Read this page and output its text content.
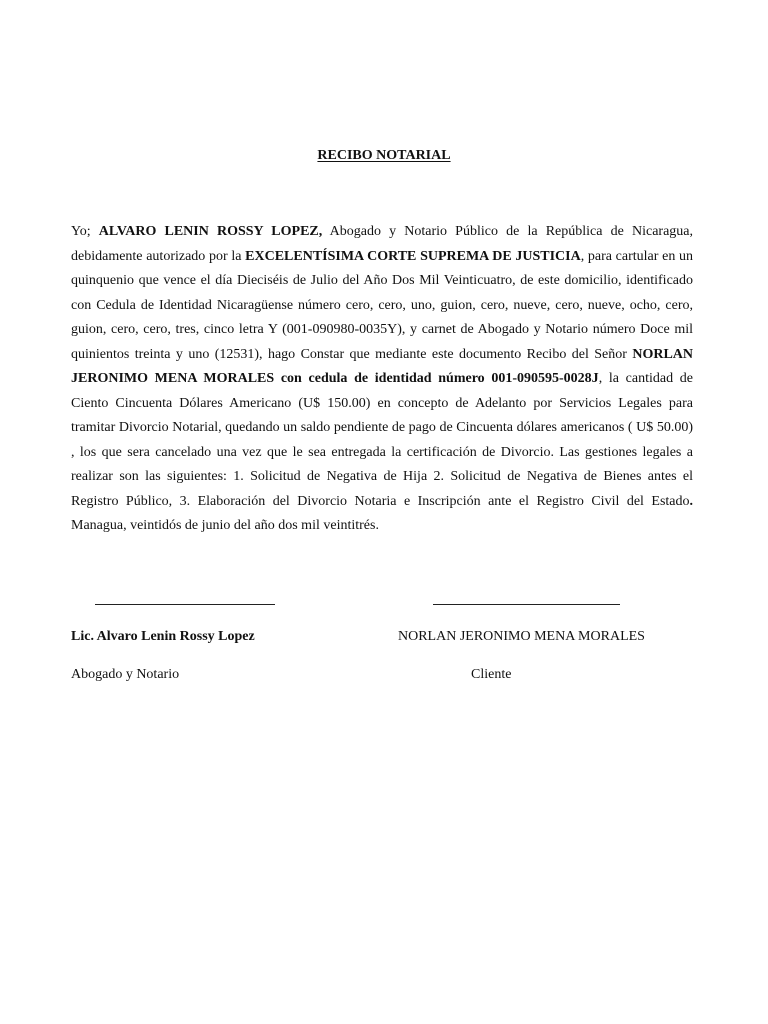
RECIBO NOTARIAL
Yo; ALVARO LENIN ROSSY LOPEZ, Abogado y Notario Público de la República de Nicaragua, debidamente autorizado por la EXCELENTÍSIMA CORTE SUPREMA DE JUSTICIA, para cartular en un quinquenio que vence el día Dieciséis de Julio del Año Dos Mil Veinticuatro, de este domicilio, identificado con Cedula de Identidad Nicaragüense número cero, cero, uno, guion, cero, nueve, cero, nueve, ocho, cero, guion, cero, cero, tres, cinco letra Y (001-090980-0035Y), y carnet de Abogado y Notario número Doce mil quinientos treinta y uno (12531), hago Constar que mediante este documento Recibo del Señor NORLAN JERONIMO MENA MORALES con cedula de identidad número 001-090595-0028J, la cantidad de Ciento Cincuenta Dólares Americano (U$ 150.00) en concepto de Adelanto por Servicios Legales para tramitar Divorcio Notarial, quedando un saldo pendiente de pago de Cincuenta dólares americanos ( U$ 50.00) , los que sera cancelado una vez que le sea entregada la certificación de Divorcio. Las gestiones legales a realizar son las siguientes: 1. Solicitud de Negativa de Hija 2. Solicitud de Negativa de Bienes antes el Registro Público, 3. Elaboración del Divorcio Notaria e Inscripción ante el Registro Civil del Estado. Managua, veintidós de junio del año dos mil veintitrés.
Lic. Alvaro Lenin Rossy Lopez	NORLAN JERONIMO MENA MORALES
Abogado y Notario	Cliente
